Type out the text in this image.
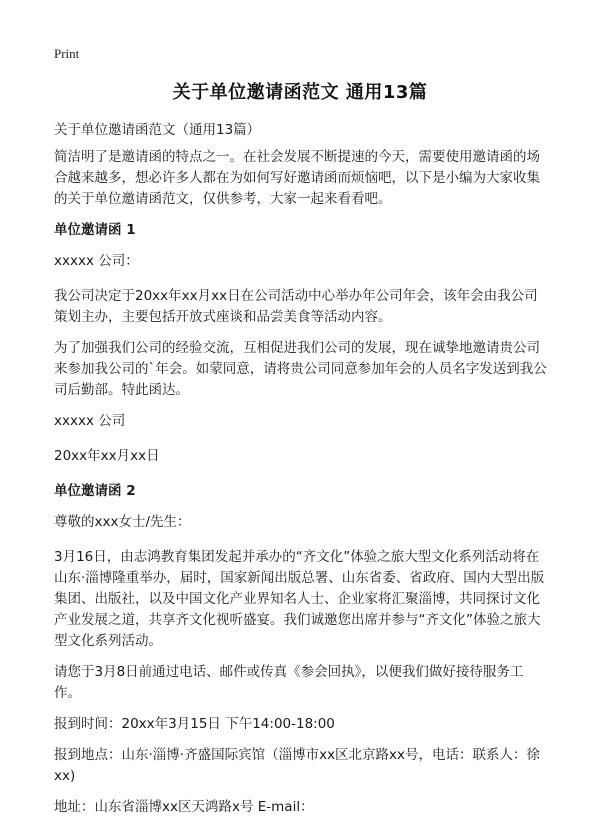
Print
关于单位邀请函范文 通用13篇

关于单位邀请函范文（通用13篇）

简洁明了是邀请函的特点之一。在社会发展不断提速的今天，需要使用邀请函的场合越来越多，想必许多人都在为如何写好邀请函而烦恼吧，以下是小编为大家收集的关于单位邀请函范文，仅供参考，大家一起来看看吧。

单位邀请函 1

xxxxx 公司：

我公司决定于20xx年xx月xx日在公司活动中心举办年公司年会，该年会由我公司策划主办，主要包括开放式座谈和品尝美食等活动内容。

为了加强我们公司的经验交流，互相促进我们公司的发展，现在诚挚地邀请贵公司来参加我公司的`年会。如蒙同意，请将贵公司同意参加年会的人员名字发送到我公司后勤部。特此函达。

xxxxx 公司

20xx年xx月xx日

单位邀请函 2

尊敬的xxx女士/先生：

3月16日，由志鸿教育集团发起并承办的“齐文化”体验之旅大型文化系列活动将在山东·淄博隆重举办，届时，国家新闻出版总署、山东省委、省政府、国内大型出版集团、出版社，以及中国文化产业界知名人士、企业家将汇聚淄博，共同探讨文化产业发展之道，共享齐文化视听盛宴。我们诚邀您出席并参与“齐文化”体验之旅大型文化系列活动。

请您于3月8日前通过电话、邮件或传真《参会回执》，以便我们做好接待服务工作。

报到时间：20xx年3月15日 下午14:00-18:00

报到地点：山东·淄博·齐盛国际宾馆（淄博市xx区北京路xx号，电话：联系人：徐xx)

地址：山东省淄博xx区天鸿路x号 E-mail：
